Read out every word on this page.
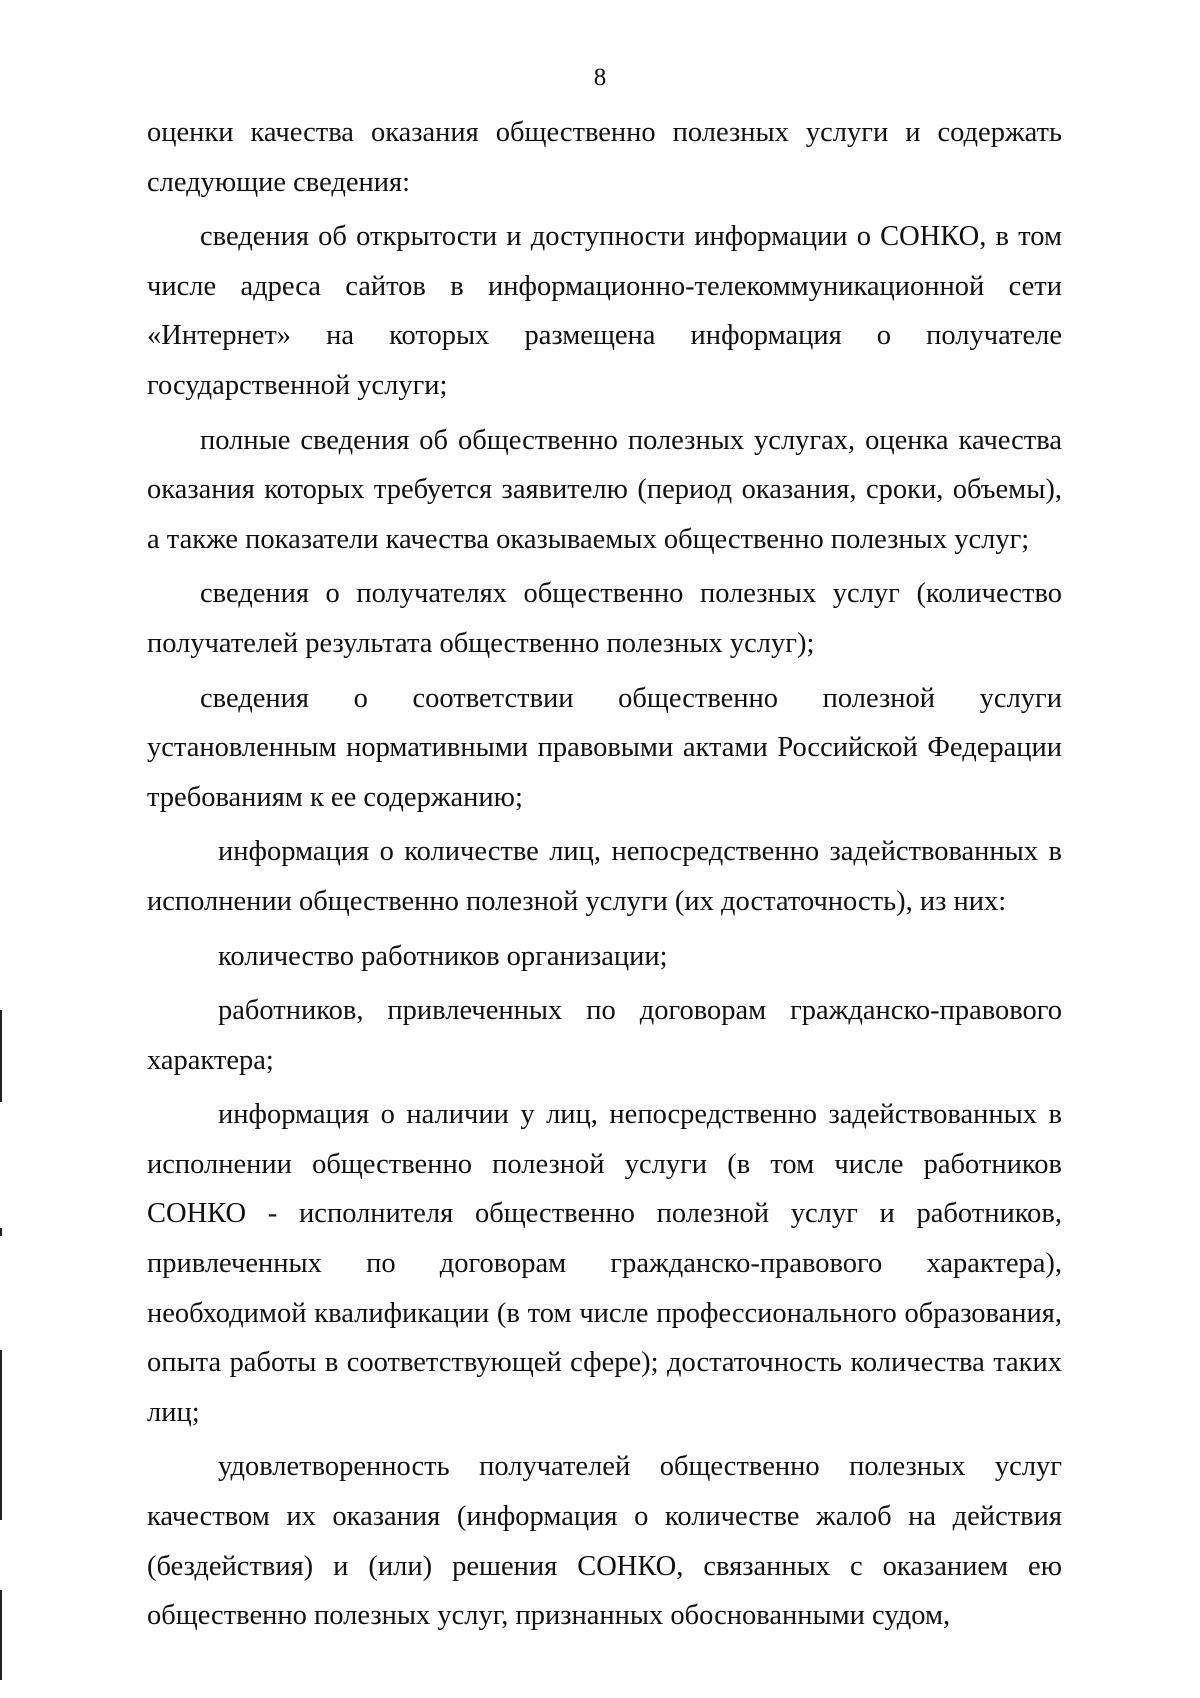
8

оценки качества оказания общественно полезных услуги и содержать следующие сведения:

сведения об открытости и доступности информации о СОНКО, в том числе адреса сайтов в информационно-телекоммуникационной сети «Интернет» на которых размещена информация о получателе государственной услуги;

полные сведения об общественно полезных услугах, оценка качества оказания которых требуется заявителю (период оказания, сроки, объемы), а также показатели качества оказываемых общественно полезных услуг;

сведения о получателях общественно полезных услуг (количество получателей результата общественно полезных услуг);

сведения о соответствии общественно полезной услуги установленным нормативными правовыми актами Российской Федерации требованиям к ее содержанию;

информация о количестве лиц, непосредственно задействованных в исполнении общественно полезной услуги (их достаточность), из них:

количество работников организации;

работников, привлеченных по договорам гражданско-правового характера;

информация о наличии у лиц, непосредственно задействованных в исполнении общественно полезной услуги (в том числе работников СОНКО - исполнителя общественно полезной услуг и работников, привлеченных по договорам гражданско-правового характера), необходимой квалификации (в том числе профессионального образования, опыта работы в соответствующей сфере); достаточность количества таких лиц;

удовлетворенность получателей общественно полезных услуг качеством их оказания (информация о количестве жалоб на действия (бездействия) и (или) решения СОНКО, связанных с оказанием ею общественно полезных услуг, признанных обоснованными судом,
